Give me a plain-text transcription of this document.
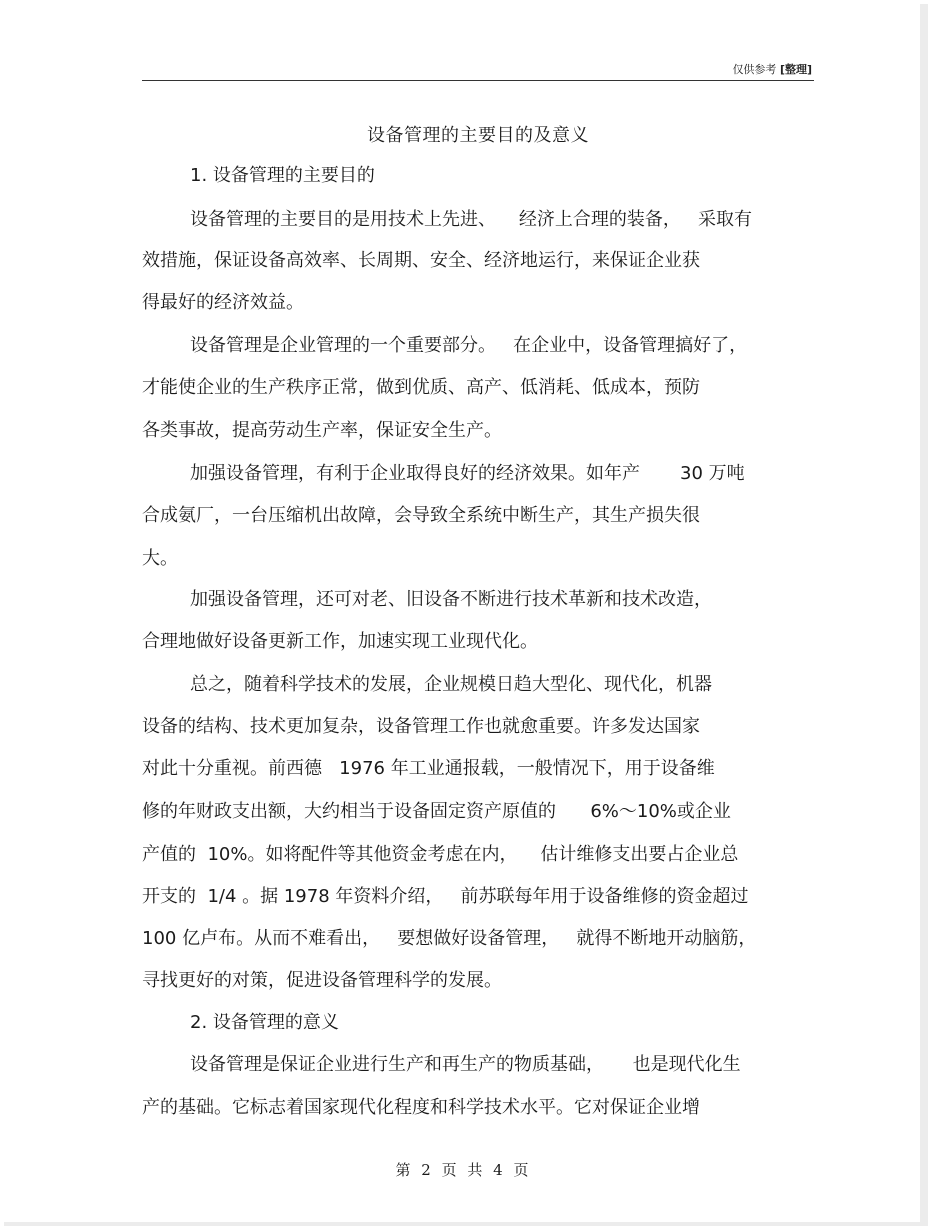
仅供参考 [整理]
设备管理的主要目的及意义
1. 设备管理的主要目的
设备管理的主要目的是用技术上先进、    经济上合理的装备，   采取有
效措施，保证设备高效率、长周期、安全、经济地运行，来保证企业获
得最好的经济效益。
设备管理是企业管理的一个重要部分。   在企业中，设备管理搞好了，
才能使企业的生产秩序正常，做到优质、高产、低消耗、低成本，预防
各类事故，提高劳动生产率，保证安全生产。
加强设备管理，有利于企业取得良好的经济效果。如年产       30 万吨
合成氨厂，一台压缩机出故障，会导致全系统中断生产，其生产损失很
大。
加强设备管理，还可对老、旧设备不断进行技术革新和技术改造，
合理地做好设备更新工作，加速实现工业现代化。
总之，随着科学技术的发展，企业规模日趋大型化、现代化，机器
设备的结构、技术更加复杂，设备管理工作也就愈重要。许多发达国家
对此十分重视。前西德   1976 年工业通报载，一般情况下，用于设备维
修的年财政支出额，大约相当于设备固定资产原值的      6%～10%或企业
产值的  10%。如将配件等其他资金考虑在内，    估计维修支出要占企业总
开支的  1/4 。据 1978 年资料介绍，   前苏联每年用于设备维修的资金超过
100 亿卢布。从而不难看出，   要想做好设备管理，   就得不断地开动脑筋，
寻找更好的对策，促进设备管理科学的发展。
2. 设备管理的意义
设备管理是保证企业进行生产和再生产的物质基础，     也是现代化生
产的基础。它标志着国家现代化程度和科学技术水平。它对保证企业增
第 2 页 共 4 页
